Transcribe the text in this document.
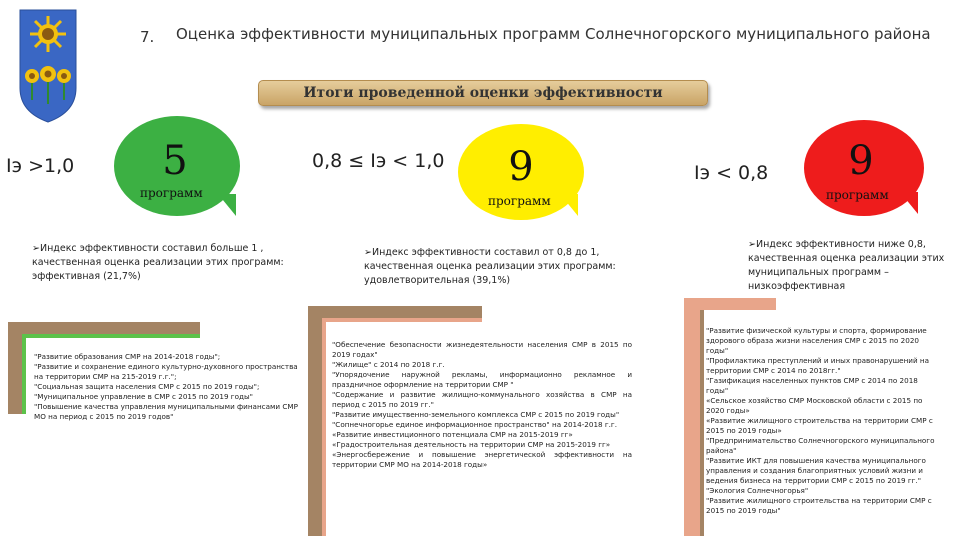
7. Оценка эффективности муниципальных программ Солнечногорского муниципального района
Итоги проведенной оценки эффективности
Iэ >1,0	5
программ
0,8 ≤ Iэ < 1,0	9
программ
Iэ < 0,8	9
программ
➢Индекс эффективности составил больше 1 , качественная оценка реализации этих программ: эффективная (21,7%)
➢Индекс эффективности составил от 0,8 до 1, качественная оценка реализации этих программ: удовлетворительная (39,1%)
➢Индекс эффективности ниже 0,8, качественная оценка реализации этих муниципальных программ – низкоэффективная
"Развитие образования СМР на 2014-2018 годы";
"Развитие и сохранение единого культурно-духовного пространства на территории СМР на 215-2019 г.г.";
"Социальная защита населения СМР с 2015 по 2019 годы";
"Муниципальное управление в СМР с 2015 по 2019 годы"
"Повышение качества управления муниципальными финансами СМР МО на период с 2015 по 2019 годов"
"Обеспечение безопасности жизнедеятельности населения СМР в 2015 по 2019 годах"
"Жилище" с 2014 по 2018 г.г.
"Упорядочение наружной рекламы, информационно рекламное и праздничное оформление на территории СМР "
"Содержание и развитие жилищно-коммунального хозяйства в СМР на период с 2015 по 2019 гг."
"Развитие имущественно-земельного комплекса СМР с 2015 по 2019 годы"
"Сопнечногорье единое информационное пространство" на 2014-2018 г.г.
«Развитие инвестиционного потенциала СМР на 2015-2019 гг»
«Градостроительная деятельность на территории СМР на 2015-2019 гг»
«Энергосбережение и повышение энергетической эффективности на территории СМР МО на 2014-2018 годы»
"Развитие физической культуры и спорта, формирование здорового образа жизни населения СМР с 2015 по 2020 годы"
"Профилактика преступлений и иных правонарушений на территории СМР с 2014 по 2018гг."
"Газификация населенных пунктов СМР с 2014 по 2018 годы"
«Сельское хозяйство СМР Московской области с 2015 по 2020 годы»
«Развитие жилищного строительства на территории СМР с 2015 по 2019 годы»
"Предпринимательство Солнечногорского муниципального района"
"Развитие ИКТ для повышения качества муниципального управления и создания благоприятных условий жизни и ведения бизнеса на территории СМР с 2015 по 2019 гг."
"Экология Солнечногорья"
"Развитие жилищного строительства на территории СМР с 2015 по 2019 годы"
